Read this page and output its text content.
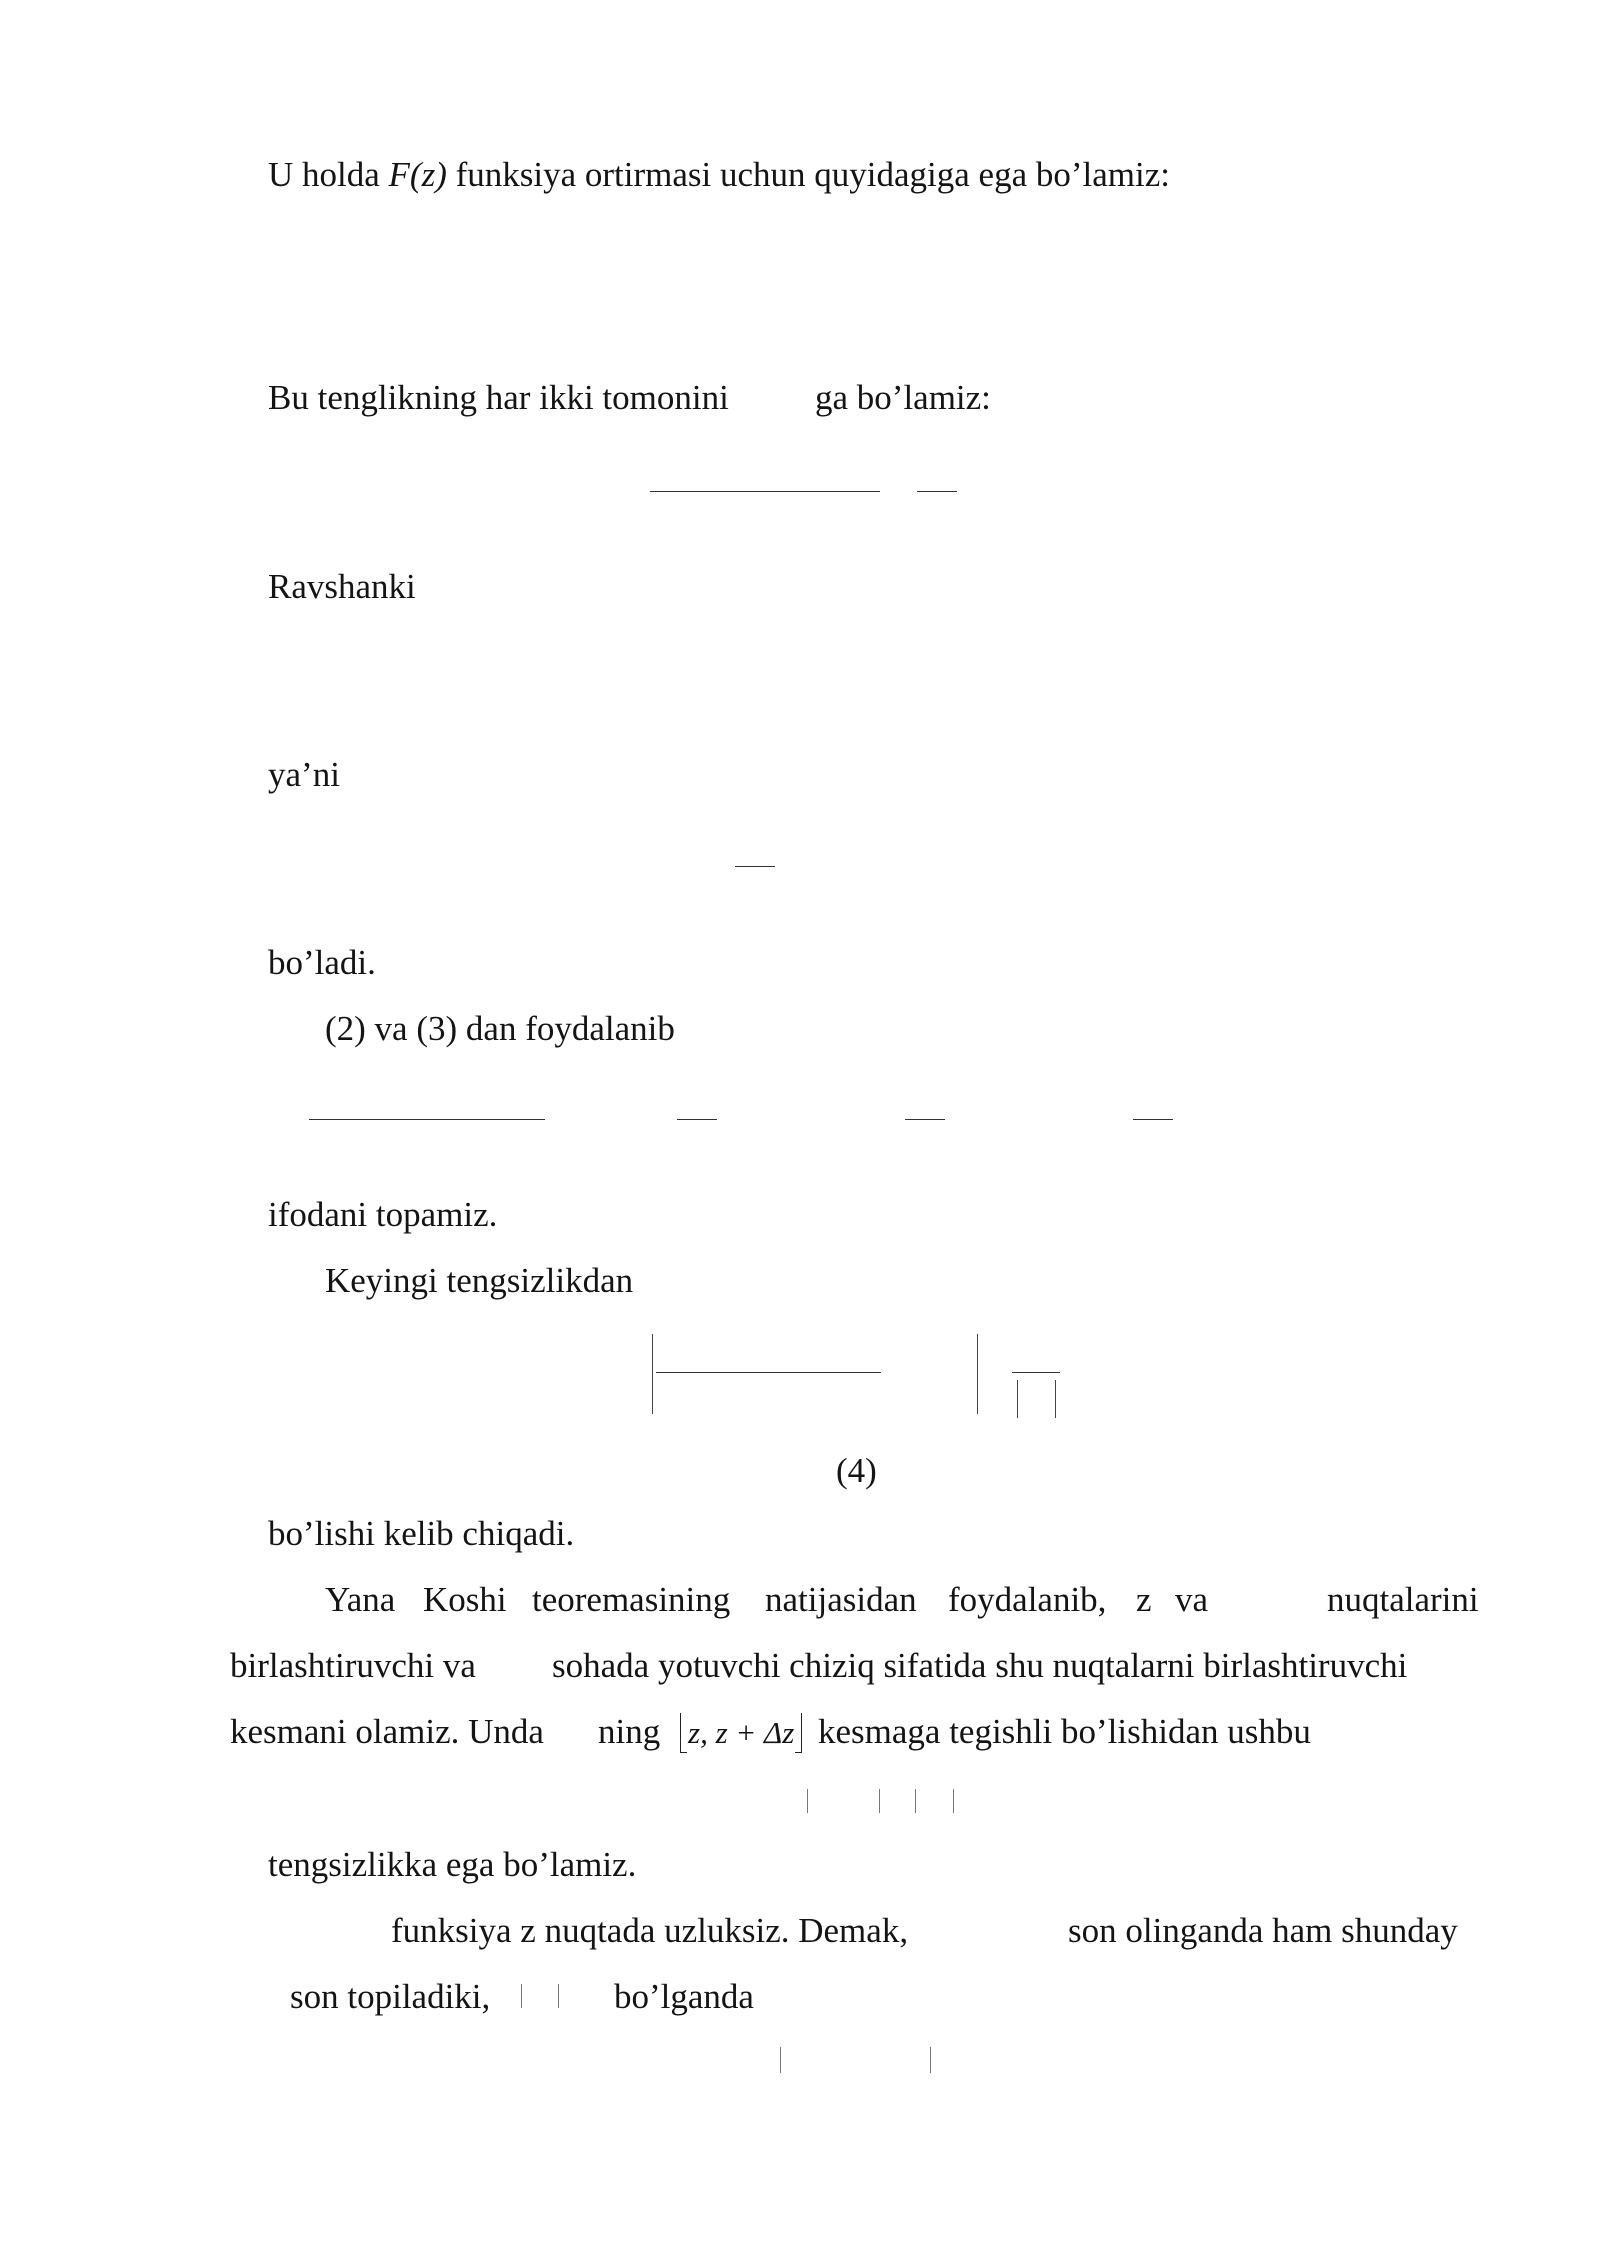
U holda F(z) funksiya ortirmasi uchun quyidagiga ega bo’lamiz:
Bu tenglikning har ikki tomonini ga bo’lamiz:
Ravshanki
ya’ni
bo’ladi.
(2) va (3) dan foydalanib
ifodani topamiz.
Keyingi tengsizlikdan
(4)
bo’lishi kelib chiqadi.
Yana Koshi teoremasining natijasidan foydalanib, z va	nuqtalarini
birlashtiruvchi va sohada yotuvchi chiziq sifatida shu nuqtalarni birlashtiruvchi
kesmani olamiz. Unda ning z, z + Δz kesmaga tegishli bo’lishidan ushbu
tengsizlikka ega bo’lamiz.
funksiya z nuqtada uzluksiz. Demak,	son olinganda ham shunday
son topiladiki,	bo’lganda
